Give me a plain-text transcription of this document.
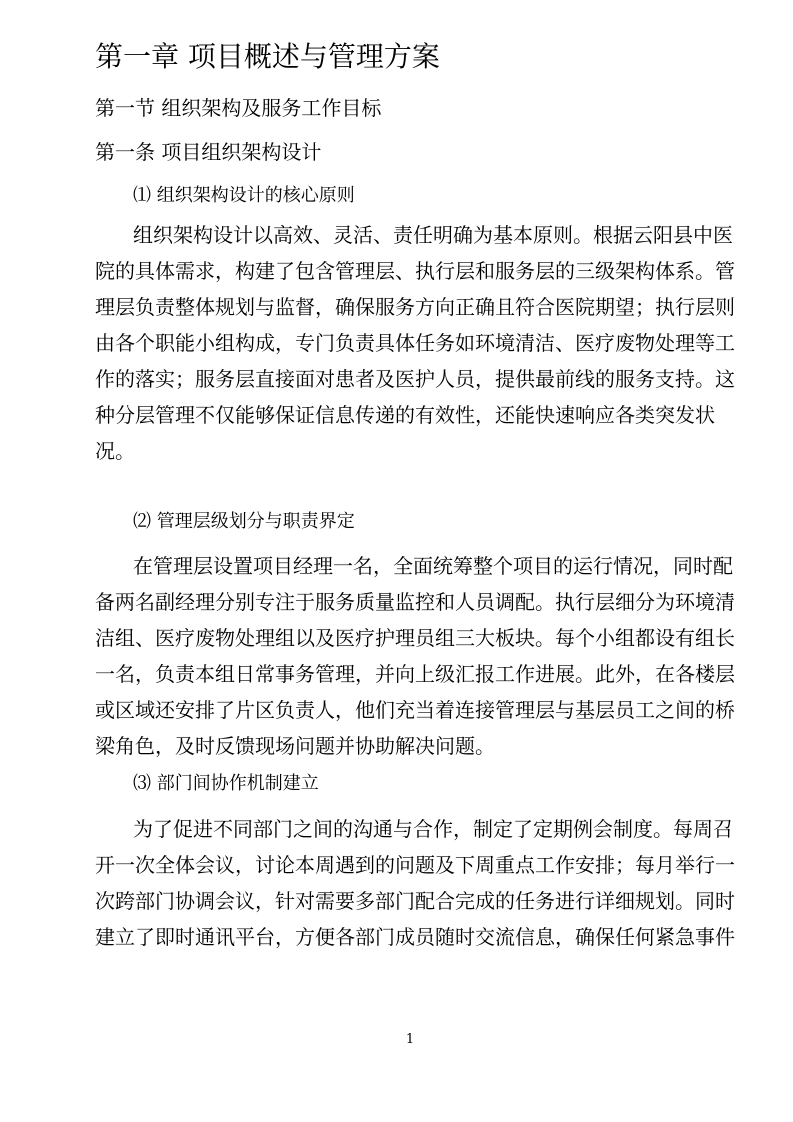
第一章 项目概述与管理方案
第一节 组织架构及服务工作目标
第一条 项目组织架构设计
⑴ 组织架构设计的核心原则
组织架构设计以高效、灵活、责任明确为基本原则。根据云阳县中医
院的具体需求，构建了包含管理层、执行层和服务层的三级架构体系。管
理层负责整体规划与监督，确保服务方向正确且符合医院期望；执行层则
由各个职能小组构成，专门负责具体任务如环境清洁、医疗废物处理等工
作的落实；服务层直接面对患者及医护人员，提供最前线的服务支持。这
种分层管理不仅能够保证信息传递的有效性，还能快速响应各类突发状
况。
⑵ 管理层级划分与职责界定
在管理层设置项目经理一名，全面统筹整个项目的运行情况，同时配
备两名副经理分别专注于服务质量监控和人员调配。执行层细分为环境清
洁组、医疗废物处理组以及医疗护理员组三大板块。每个小组都设有组长
一名，负责本组日常事务管理，并向上级汇报工作进展。此外，在各楼层
或区域还安排了片区负责人，他们充当着连接管理层与基层员工之间的桥
梁角色，及时反馈现场问题并协助解决问题。
⑶ 部门间协作机制建立
为了促进不同部门之间的沟通与合作，制定了定期例会制度。每周召
开一次全体会议，讨论本周遇到的问题及下周重点工作安排；每月举行一
次跨部门协调会议，针对需要多部门配合完成的任务进行详细规划。同时
建立了即时通讯平台，方便各部门成员随时交流信息，确保任何紧急事件
1
